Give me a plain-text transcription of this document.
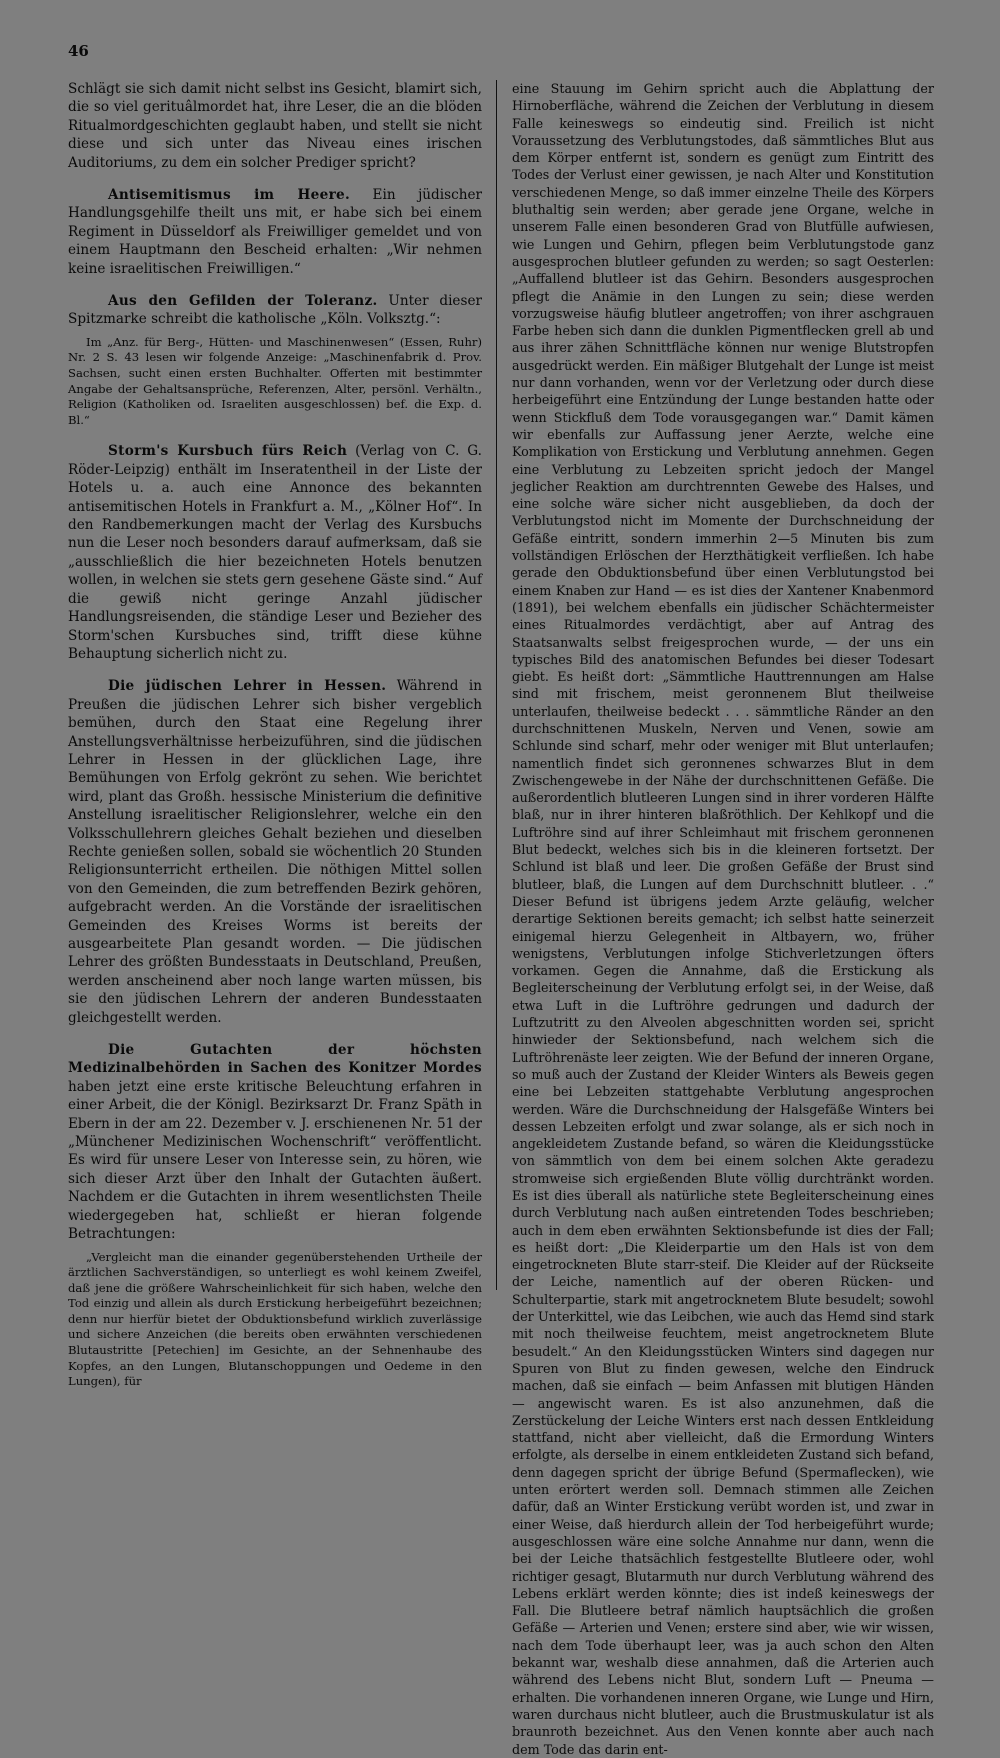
46

Schlägt sie sich damit nicht selbst ins Gesicht, blamirt sich, die so viel gerituâlmordet hat, ihre Leser, die an die blöden Ritualmordgeschichten geglaubt haben, und stellt sie nicht diese und sich unter das Niveau eines irischen Auditoriums, zu dem ein solcher Prediger spricht?

Antisemitismus im Heere. Ein jüdischer Handlungsgehilfe theilt uns mit, er habe sich bei einem Regiment in Düsseldorf als Freiwilliger gemeldet und von einem Hauptmann den Bescheid erhalten: „Wir nehmen keine israelitischen Freiwilligen.“

Aus den Gefilden der Toleranz. Unter dieser Spitzmarke schreibt die katholische „Köln. Volksztg.“:

Im „Anz. für Berg-, Hütten- und Maschinenwesen“ (Essen, Ruhr) Nr. 2 S. 43 lesen wir folgende Anzeige: „Maschinenfabrik d. Prov. Sachsen, sucht einen ersten Buchhalter. Offerten mit bestimmter Angabe der Gehaltsansprüche, Referenzen, Alter, persönl. Verhältn., Religion (Katholiken od. Israeliten ausgeschlossen) bef. die Exp. d. Bl.“

Storm's Kursbuch fürs Reich (Verlag von C. G. Röder-Leipzig) enthält im Inseratentheil in der Liste der Hotels u. a. auch eine Annonce des bekannten antisemitischen Hotels in Frankfurt a. M., „Kölner Hof“. In den Randbemerkungen macht der Verlag des Kursbuchs nun die Leser noch besonders darauf aufmerksam, daß sie „ausschließlich die hier bezeichneten Hotels benutzen wollen, in welchen sie stets gern gesehene Gäste sind.“ Auf die gewiß nicht geringe Anzahl jüdischer Handlungsreisenden, die ständige Leser und Bezieher des Storm'schen Kursbuches sind, trifft diese kühne Behauptung sicherlich nicht zu.

Die jüdischen Lehrer in Hessen. Während in Preußen die jüdischen Lehrer sich bisher vergeblich bemühen, durch den Staat eine Regelung ihrer Anstellungsverhältnisse herbeizuführen, sind die jüdischen Lehrer in Hessen in der glücklichen Lage, ihre Bemühungen von Erfolg gekrönt zu sehen. Wie berichtet wird, plant das Großh. hessische Ministerium die definitive Anstellung israelitischer Religionslehrer, welche ein den Volksschullehrern gleiches Gehalt beziehen und dieselben Rechte genießen sollen, sobald sie wöchentlich 20 Stunden Religionsunterricht ertheilen. Die nöthigen Mittel sollen von den Gemeinden, die zum betreffenden Bezirk gehören, aufgebracht werden. An die Vorstände der israelitischen Gemeinden des Kreises Worms ist bereits der ausgearbeitete Plan gesandt worden. — Die jüdischen Lehrer des größten Bundesstaats in Deutschland, Preußen, werden anscheinend aber noch lange warten müssen, bis sie den jüdischen Lehrern der anderen Bundesstaaten gleichgestellt werden.

Die Gutachten der höchsten Medizinalbehörden in Sachen des Konitzer Mordes haben jetzt eine erste kritische Beleuchtung erfahren in einer Arbeit, die der Königl. Bezirksarzt Dr. Franz Späth in Ebern in der am 22. Dezember v. J. erschienenen Nr. 51 der „Münchener Medizinischen Wochenschrift“ veröffentlicht. Es wird für unsere Leser von Interesse sein, zu hören, wie sich dieser Arzt über den Inhalt der Gutachten äußert. Nachdem er die Gutachten in ihrem wesentlichsten Theile wiedergegeben hat, schließt er hieran folgende Betrachtungen:

„Vergleicht man die einander gegenüberstehenden Urtheile der ärztlichen Sachverständigen, so unterliegt es wohl keinem Zweifel, daß jene die größere Wahrscheinlichkeit für sich haben, welche den Tod einzig und allein als durch Erstickung herbeigeführt bezeichnen; denn nur hierfür bietet der Obduktionsbefund wirklich zuverlässige und sichere Anzeichen (die bereits oben erwähnten verschiedenen Blutaustritte [Petechien] im Gesichte, an der Sehnenhaube des Kopfes, an den Lungen, Blutanschoppungen und Oedeme in den Lungen), für

eine Stauung im Gehirn spricht auch die Abplattung der Hirnoberfläche, während die Zeichen der Verblutung in diesem Falle keineswegs so eindeutig sind. Freilich ist nicht Voraussetzung des Verblutungstodes, daß sämmtliches Blut aus dem Körper entfernt ist, sondern es genügt zum Eintritt des Todes der Verlust einer gewissen, je nach Alter und Konstitution verschiedenen Menge, so daß immer einzelne Theile des Körpers bluthaltig sein werden; aber gerade jene Organe, welche in unserem Falle einen besonderen Grad von Blutfülle aufwiesen, wie Lungen und Gehirn, pflegen beim Verblutungstode ganz ausgesprochen blutleer gefunden zu werden; so sagt Oesterlen: „Auffallend blutleer ist das Gehirn. Besonders ausgesprochen pflegt die Anämie in den Lungen zu sein; diese werden vorzugsweise häufig blutleer angetroffen; von ihrer aschgrauen Farbe heben sich dann die dunklen Pigmentflecken grell ab und aus ihrer zähen Schnittfläche können nur wenige Blutstropfen ausgedrückt werden. Ein mäßiger Blutgehalt der Lunge ist meist nur dann vorhanden, wenn vor der Verletzung oder durch diese herbeigeführt eine Entzündung der Lunge bestanden hatte oder wenn Stickfluß dem Tode vorausgegangen war.“ Damit kämen wir ebenfalls zur Auffassung jener Aerzte, welche eine Komplikation von Erstickung und Verblutung annehmen. Gegen eine Verblutung zu Lebzeiten spricht jedoch der Mangel jeglicher Reaktion am durchtrennten Gewebe des Halses, und eine solche wäre sicher nicht ausgeblieben, da doch der Verblutungstod nicht im Momente der Durchschneidung der Gefäße eintritt, sondern immerhin 2—5 Minuten bis zum vollständigen Erlöschen der Herzthätigkeit verfließen. Ich habe gerade den Obduktionsbefund über einen Verblutungstod bei einem Knaben zur Hand — es ist dies der Xantener Knabenmord (1891), bei welchem ebenfalls ein jüdischer Schächtermeister eines Ritualmordes verdächtigt, aber auf Antrag des Staatsanwalts selbst freigesprochen wurde, — der uns ein typisches Bild des anatomischen Befundes bei dieser Todesart giebt. Es heißt dort: „Sämmtliche Hauttrennungen am Halse sind mit frischem, meist geronnenem Blut theilweise unterlaufen, theilweise bedeckt . . . sämmtliche Ränder an den durchschnittenen Muskeln, Nerven und Venen, sowie am Schlunde sind scharf, mehr oder weniger mit Blut unterlaufen; namentlich findet sich geronnenes schwarzes Blut in dem Zwischengewebe in der Nähe der durchschnittenen Gefäße. Die außerordentlich blutleeren Lungen sind in ihrer vorderen Hälfte blaß, nur in ihrer hinteren blaßröthlich. Der Kehlkopf und die Luftröhre sind auf ihrer Schleimhaut mit frischem geronnenen Blut bedeckt, welches sich bis in die kleineren fortsetzt. Der Schlund ist blaß und leer. Die großen Gefäße der Brust sind blutleer, blaß, die Lungen auf dem Durchschnitt blutleer. . .“ Dieser Befund ist übrigens jedem Arzte geläufig, welcher derartige Sektionen bereits gemacht; ich selbst hatte seinerzeit einigemal hierzu Gelegenheit in Altbayern, wo, früher wenigstens, Verblutungen infolge Stichverletzungen öfters vorkamen. Gegen die Annahme, daß die Erstickung als Begleiterscheinung der Verblutung erfolgt sei, in der Weise, daß etwa Luft in die Luftröhre gedrungen und dadurch der Luftzutritt zu den Alveolen abgeschnitten worden sei, spricht hinwieder der Sektionsbefund, nach welchem sich die Luftröhrenäste leer zeigten. Wie der Befund der inneren Organe, so muß auch der Zustand der Kleider Winters als Beweis gegen eine bei Lebzeiten stattgehabte Verblutung angesprochen werden. Wäre die Durchschneidung der Halsgefäße Winters bei dessen Lebzeiten erfolgt und zwar solange, als er sich noch in angekleidetem Zustande befand, so wären die Kleidungsstücke von sämmtlich von dem bei einem solchen Akte geradezu stromweise sich ergießenden Blute völlig durchtränkt worden. Es ist dies überall als natürliche stete Begleiterscheinung eines durch Verblutung nach außen eintretenden Todes beschrieben; auch in dem eben erwähnten Sektionsbefunde ist dies der Fall; es heißt dort: „Die Kleiderpartie um den Hals ist von dem eingetrockneten Blute starr-steif. Die Kleider auf der Rückseite der Leiche, namentlich auf der oberen Rücken- und Schulterpartie, stark mit angetrocknetem Blute besudelt; sowohl der Unterkittel, wie das Leibchen, wie auch das Hemd sind stark mit noch theilweise feuchtem, meist angetrocknetem Blute besudelt.“ An den Kleidungsstücken Winters sind dagegen nur Spuren von Blut zu finden gewesen, welche den Eindruck machen, daß sie einfach — beim Anfassen mit blutigen Händen — angewischt waren. Es ist also anzunehmen, daß die Zerstückelung der Leiche Winters erst nach dessen Entkleidung stattfand, nicht aber vielleicht, daß die Ermordung Winters erfolgte, als derselbe in einem entkleideten Zustand sich befand, denn dagegen spricht der übrige Befund (Spermaflecken), wie unten erörtert werden soll. Demnach stimmen alle Zeichen dafür, daß an Winter Erstickung verübt worden ist, und zwar in einer Weise, daß hierdurch allein der Tod herbeigeführt wurde; ausgeschlossen wäre eine solche Annahme nur dann, wenn die bei der Leiche thatsächlich festgestellte Blutleere oder, wohl richtiger gesagt, Blutarmuth nur durch Verblutung während des Lebens erklärt werden könnte; dies ist indeß keineswegs der Fall. Die Blutleere betraf nämlich hauptsächlich die großen Gefäße — Arterien und Venen; erstere sind aber, wie wir wissen, nach dem Tode überhaupt leer, was ja auch schon den Alten bekannt war, weshalb diese annahmen, daß die Arterien auch während des Lebens nicht Blut, sondern Luft — Pneuma — erhalten. Die vorhandenen inneren Organe, wie Lunge und Hirn, waren durchaus nicht blutleer, auch die Brustmuskulatur ist als braunroth bezeichnet. Aus den Venen konnte aber auch nach dem Tode das darin ent-
